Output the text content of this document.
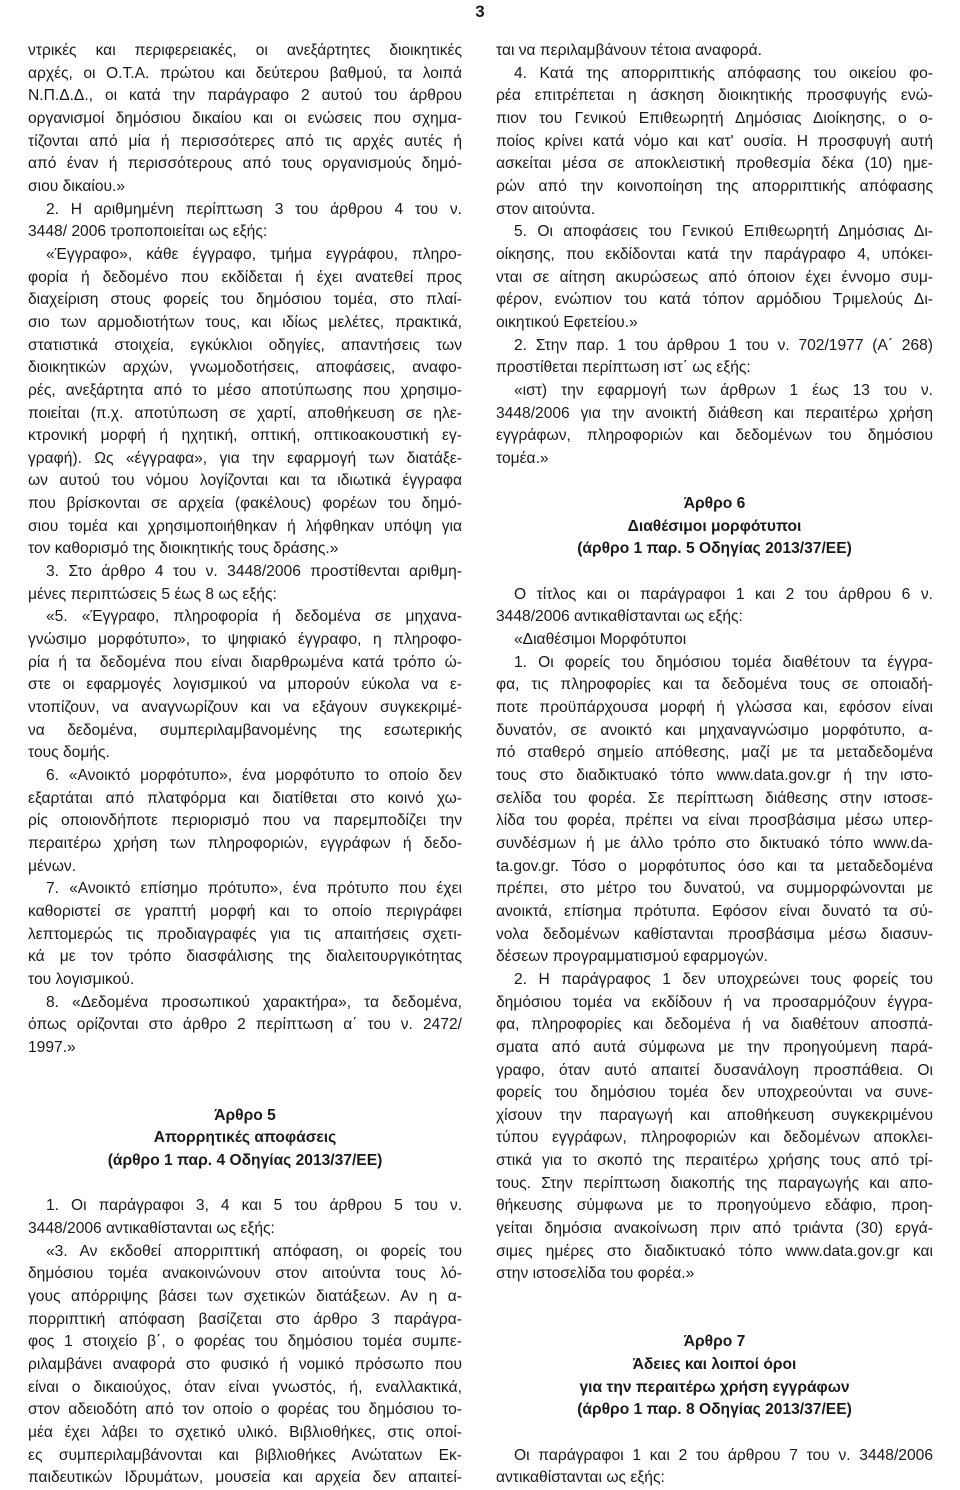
3
ντρικές και περιφερειακές, οι ανεξάρτητες διοικητικές
αρχές, οι Ο.Τ.Α. πρώτου και δεύτερου βαθμού, τα λοιπά
Ν.Π.Δ.Δ., οι κατά την παράγραφο 2 αυτού του άρθρου
οργανισμοί δημόσιου δικαίου και οι ενώσεις που σχημα-
τίζονται από μία ή περισσότερες από τις αρχές αυτές ή
από έναν ή περισσότερους από τους οργανισμούς δημό-
σιου δικαίου.»
2. Η αριθμημένη περίπτωση 3 του άρθρου 4 του ν.
3448/ 2006 τροποποιείται ως εξής:
«Έγγραφο», κάθε έγγραφο, τμήμα εγγράφου, πληρο-
φορία ή δεδομένο που εκδίδεται ή έχει ανατεθεί προς
διαχείριση στους φορείς του δημόσιου τομέα, στο πλαί-
σιο των αρμοδιοτήτων τους, και ιδίως μελέτες, πρακτικά,
στατιστικά στοιχεία, εγκύκλιοι οδηγίες, απαντήσεις των
διοικητικών αρχών, γνωμοδοτήσεις, αποφάσεις, αναφο-
ρές, ανεξάρτητα από το μέσο αποτύπωσης που χρησιμο-
ποιείται (π.χ. αποτύπωση σε χαρτί, αποθήκευση σε ηλε-
κτρονική μορφή ή ηχητική, οπτική, οπτικοακουστική εγ-
γραφή). Ως «έγγραφα», για την εφαρμογή των διατάξε-
ων αυτού του νόμου λογίζονται και τα ιδιωτικά έγγραφα
που βρίσκονται σε αρχεία (φακέλους) φορέων του δημό-
σιου τομέα και χρησιμοποιήθηκαν ή λήφθηκαν υπόψη για
τον καθορισμό της διοικητικής τους δράσης.»
3. Στο άρθρο 4 του ν. 3448/2006 προστίθενται αριθμη-
μένες περιπτώσεις 5 έως 8 ως εξής:
«5. «Έγγραφο, πληροφορία ή δεδομένα σε μηχανα-
γνώσιμο μορφότυπο», το ψηφιακό έγγραφο, η πληροφο-
ρία ή τα δεδομένα που είναι διαρθρωμένα κατά τρόπο ώ-
στε οι εφαρμογές λογισμικού να μπορούν εύκολα να ε-
ντοπίζουν, να αναγνωρίζουν και να εξάγουν συγκεκριμέ-
να δεδομένα, συμπεριλαμβανομένης της εσωτερικής
τους δομής.
6. «Ανοικτό μορφότυπο», ένα μορφότυπο το οποίο δεν
εξαρτάται από πλατφόρμα και διατίθεται στο κοινό χω-
ρίς οποιονδήποτε περιορισμό που να παρεμποδίζει την
περαιτέρω χρήση των πληροφοριών, εγγράφων ή δεδο-
μένων.
7. «Ανοικτό επίσημο πρότυπο», ένα πρότυπο που έχει
καθοριστεί σε γραπτή μορφή και το οποίο περιγράφει
λεπτομερώς τις προδιαγραφές για τις απαιτήσεις σχετι-
κά με τον τρόπο διασφάλισης της διαλειτουργικότητας
του λογισμικού.
8. «Δεδομένα προσωπικού χαρακτήρα», τα δεδομένα,
όπως ορίζονται στο άρθρο 2 περίπτωση α΄ του ν. 2472/
1997.»
Άρθρο 5
Απορρητικές αποφάσεις
(άρθρο 1 παρ. 4 Οδηγίας 2013/37/ΕΕ)
1. Οι παράγραφοι 3, 4 και 5 του άρθρου 5 του ν.
3448/2006 αντικαθίστανται ως εξής:
«3. Αν εκδοθεί απορριπτική απόφαση, οι φορείς του
δημόσιου τομέα ανακοινώνουν στον αιτούντα τους λό-
γους απόρριψης βάσει των σχετικών διατάξεων. Αν η α-
πορριπτική απόφαση βασίζεται στο άρθρο 3 παράγρα-
φος 1 στοιχείο β΄, ο φορέας του δημόσιου τομέα συμπε-
ριλαμβάνει αναφορά στο φυσικό ή νομικό πρόσωπο που
είναι ο δικαιούχος, όταν είναι γνωστός, ή, εναλλακτικά,
στον αδειοδότη από τον οποίο ο φορέας του δημόσιου το-
μέα έχει λάβει το σχετικό υλικό. Βιβλιοθήκες, στις οποί-
ες συμπεριλαμβάνονται και βιβλιοθήκες Ανώτατων Εκ-
παιδευτικών Ιδρυμάτων, μουσεία και αρχεία δεν απαιτεί-
ται να περιλαμβάνουν τέτοια αναφορά.
4. Κατά της απορριπτικής απόφασης του οικείου φο-
ρέα επιτρέπεται η άσκηση διοικητικής προσφυγής ενώ-
πιον του Γενικού Επιθεωρητή Δημόσιας Διοίκησης, ο ο-
ποίος κρίνει κατά νόμο και κατ' ουσία. Η προσφυγή αυτή
ασκείται μέσα σε αποκλειστική προθεσμία δέκα (10) ημε-
ρών από την κοινοποίηση της απορριπτικής απόφασης
στον αιτούντα.
5. Οι αποφάσεις του Γενικού Επιθεωρητή Δημόσιας Δι-
οίκησης, που εκδίδονται κατά την παράγραφο 4, υπόκει-
νται σε αίτηση ακυρώσεως από όποιον έχει έννομο συμ-
φέρον, ενώπιον του κατά τόπον αρμόδιου Τριμελούς Δι-
οικητικού Εφετείου.»
2. Στην παρ. 1 του άρθρου 1 του ν. 702/1977 (Α΄ 268)
προστίθεται περίπτωση ιστ΄ ως εξής:
«ιστ) την εφαρμογή των άρθρων 1 έως 13 του ν.
3448/2006 για την ανοικτή διάθεση και περαιτέρω χρήση
εγγράφων, πληροφοριών και δεδομένων του δημόσιου
τομέα.»
Άρθρο 6
Διαθέσιμοι μορφότυποι
(άρθρο 1 παρ. 5 Οδηγίας 2013/37/ΕΕ)
Ο τίτλος και οι παράγραφοι 1 και 2 του άρθρου 6 ν.
3448/2006 αντικαθίστανται ως εξής:
«Διαθέσιμοι Μορφότυποι
1. Οι φορείς του δημόσιου τομέα διαθέτουν τα έγγρα-
φα, τις πληροφορίες και τα δεδομένα τους σε οποιαδή-
ποτε προϋπάρχουσα μορφή ή γλώσσα και, εφόσον είναι
δυνατόν, σε ανοικτό και μηχαναγνώσιμο μορφότυπο, α-
πό σταθερό σημείο απόθεσης, μαζί με τα μεταδεδομένα
τους στο διαδικτυακό τόπο www.data.gov.gr ή την ιστο-
σελίδα του φορέα. Σε περίπτωση διάθεσης στην ιστοσε-
λίδα του φορέα, πρέπει να είναι προσβάσιμα μέσω υπερ-
συνδέσμων ή με άλλο τρόπο στο δικτυακό τόπο www.da-
ta.gov.gr. Τόσο ο μορφότυπος όσο και τα μεταδεδομένα
πρέπει, στο μέτρο του δυνατού, να συμμορφώνονται με
ανοικτά, επίσημα πρότυπα. Εφόσον είναι δυνατό τα σύ-
νολα δεδομένων καθίστανται προσβάσιμα μέσω διασυν-
δέσεων προγραμματισμού εφαρμογών.
2. Η παράγραφος 1 δεν υποχρεώνει τους φορείς του
δημόσιου τομέα να εκδίδουν ή να προσαρμόζουν έγγρα-
φα, πληροφορίες και δεδομένα ή να διαθέτουν αποσπά-
σματα από αυτά σύμφωνα με την προηγούμενη παρά-
γραφο, όταν αυτό απαιτεί δυσανάλογη προσπάθεια. Οι
φορείς του δημόσιου τομέα δεν υποχρεούνται να συνε-
χίσουν την παραγωγή και αποθήκευση συγκεκριμένου
τύπου εγγράφων, πληροφοριών και δεδομένων αποκλει-
στικά για το σκοπό της περαιτέρω χρήσης τους από τρί-
τους. Στην περίπτωση διακοπής της παραγωγής και απο-
θήκευσης σύμφωνα με το προηγούμενο εδάφιο, προη-
γείται δημόσια ανακοίνωση πριν από τριάντα (30) εργά-
σιμες ημέρες στο διαδικτυακό τόπο www.data.gov.gr και
στην ιστοσελίδα του φορέα.»
Άρθρο 7
Άδειες και λοιποί όροι
για την περαιτέρω χρήση εγγράφων
(άρθρο 1 παρ. 8 Οδηγίας 2013/37/ΕΕ)
Οι παράγραφοι 1 και 2 του άρθρου 7 του ν. 3448/2006
αντικαθίστανται ως εξής:
